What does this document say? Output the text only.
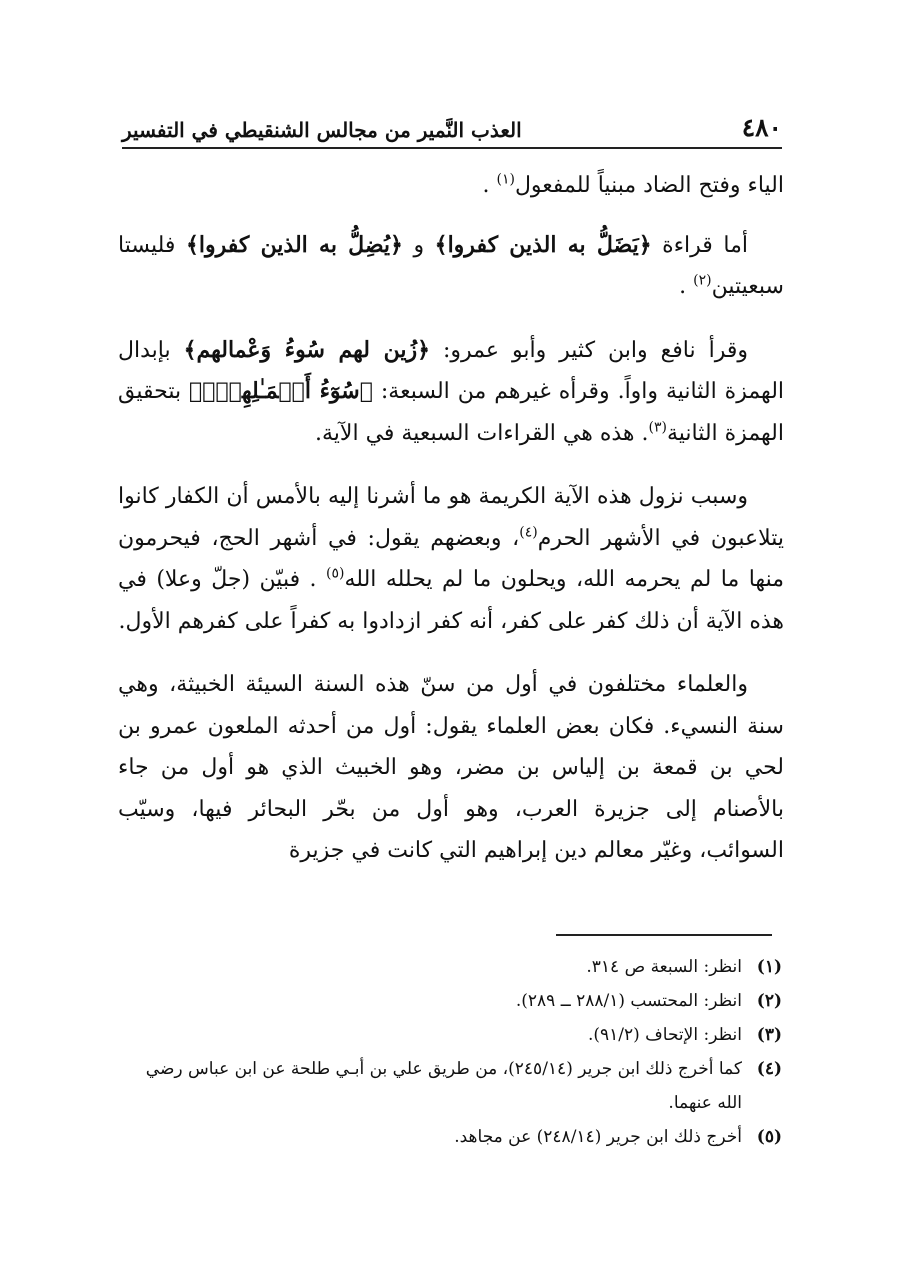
٤٨٠
العذب النَّمير من مجالس الشنقيطي في التفسير

الياء وفتح الضاد مبنياً للمفعول$^{(١)}$ .

أما قراءة ﴿يَضَلُّ به الذين كفروا﴾ و ﴿يُضِلُّ به الذين كفروا﴾ فليستا سبعيتين$^{(٢)}$ .

وقرأ نافع وابن كثير وأبو عمرو: ﴿زُين لهم سُوءُ وَعْمالهم﴾ بإبدال الهمزة الثانية واواً. وقرأه غيرهم من السبعة: ﴿سُوٓءُ أَعۡمَـٰلِهِمۡۗ﴾ بتحقيق الهمزة الثانية$^{(٣)}$. هذه هي القراءات السبعية في الآية.

وسبب نزول هذه الآية الكريمة هو ما أشرنا إليه بالأمس أن الكفار كانوا يتلاعبون في الأشهر الحرم$^{(٤)}$، وبعضهم يقول: في أشهر الحج، فيحرمون منها ما لم يحرمه الله، ويحلون ما لم يحلله الله$^{(٥)}$ . فبيّن (جلّ وعلا) في هذه الآية أن ذلك كفر على كفر، أنه كفر ازدادوا به كفراً على كفرهم الأول.

والعلماء مختلفون في أول من سنّ هذه السنة السيئة الخبيثة، وهي سنة النسيء. فكان بعض العلماء يقول: أول من أحدثه الملعون عمرو بن لحي بن قمعة بن إلياس بن مضر، وهو الخبيث الذي هو أول من جاء بالأصنام إلى جزيرة العرب، وهو أول من بحّر البحائر فيها، وسيّب السوائب، وغيّر معالم دين إبراهيم التي كانت في جزيرة

(١)انظر: السبعة ص ٣١٤.

(٢)انظر: المحتسب (٢٨٨/١ ــ ٢٨٩).

(٣)انظر: الإتحاف (٩١/٢).

(٤)كما أخرج ذلك ابن جرير (٢٤٥/١٤)، من طريق علي بن أبـي طلحة عن ابن عباس رضي الله عنهما.

(٥)أخرج ذلك ابن جرير (٢٤٨/١٤) عن مجاهد.
